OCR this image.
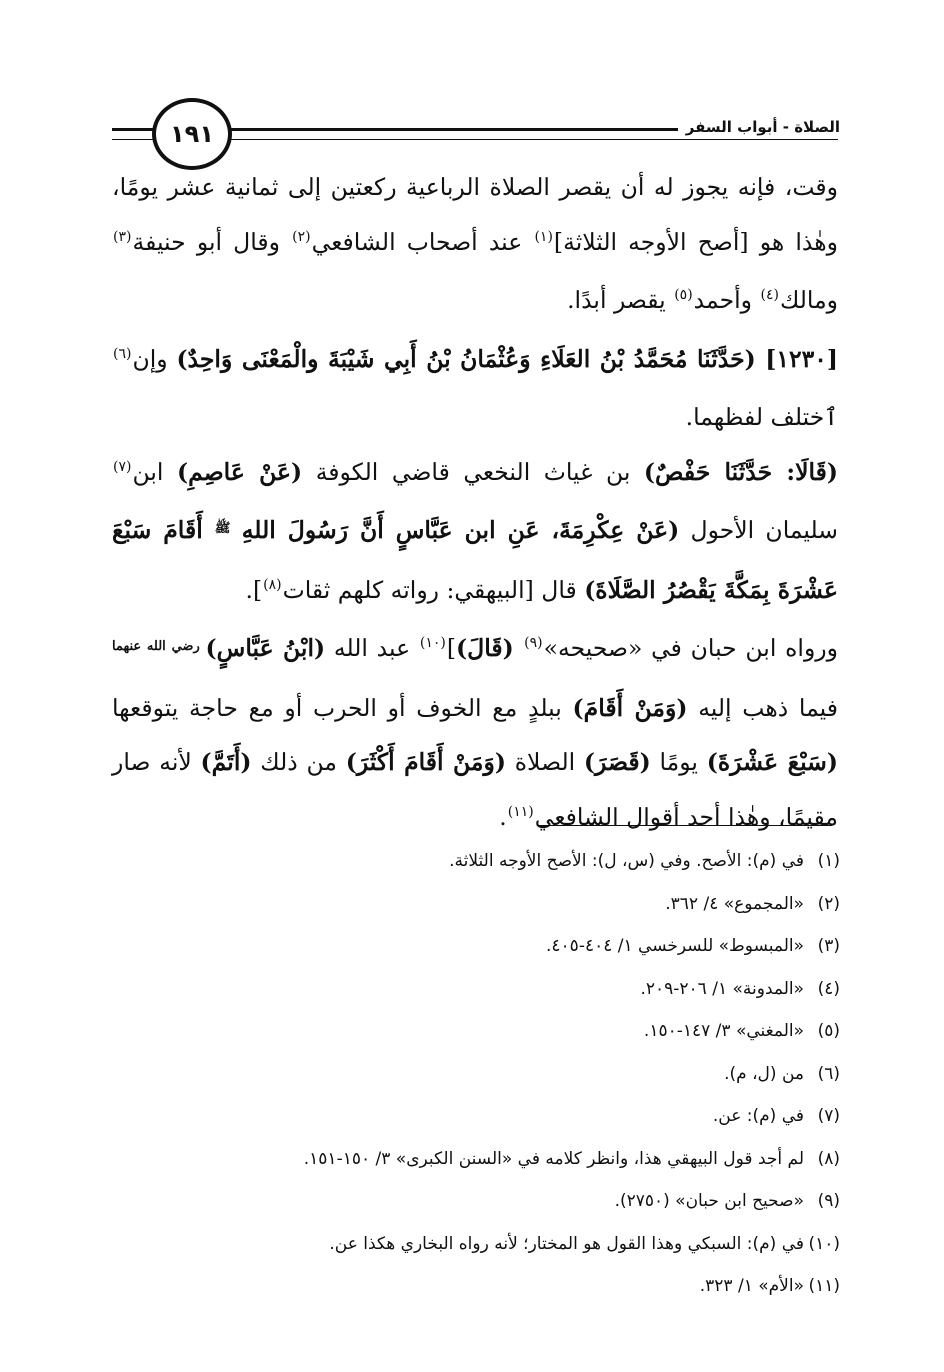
١٩١	الصلاة - أبواب السفر

وقت، فإنه يجوز له أن يقصر الصلاة الرباعية ركعتين إلى ثمانية عشر يومًا، وهٰذا هو [أصح الأوجه الثلاثة]$^{(١)}$ عند أصحاب الشافعي$^{(٢)}$ وقال أبو حنيفة$^{(٣)}$ ومالك$^{(٤)}$ وأحمد$^{(٥)}$ يقصر أبدًا.

[١٢٣٠] (حَدَّثَنَا مُحَمَّدُ بْنُ العَلَاءِ وَعُثْمَانُ بْنُ أَبِي شَيْبَةَ والْمَعْنَى وَاحِدٌ) وإن$^{(٦)}$ ٱختلف لفظهما.

(قَالَا: حَدَّثَنَا حَفْصٌ) بن غياث النخعي قاضي الكوفة (عَنْ عَاصِمِ) ابن$^{(٧)}$ سليمان الأحول (عَنْ عِكْرِمَةَ، عَنِ ابن عَبَّاسٍ أَنَّ رَسُولَ اللهِ $^ﷺ$ أَقَامَ سَبْعَ عَشْرَةَ بِمَكَّةَ يَقْصُرُ الصَّلَاةَ) قال [البيهقي: رواته كلهم ثقات$^{(٨)}$].

ورواه ابن حبان في «صحيحه»$^{(٩)}$ (قَالَ)]$^{(١٠)}$ عبد الله (ابْنُ عَبَّاسٍ) $^{رضي الله عنهما}$ فيما ذهب إليه (وَمَنْ أَقَامَ) ببلدٍ مع الخوف أو الحرب أو مع حاجة يتوقعها (سَبْعَ عَشْرَةَ) يومًا (قَصَرَ) الصلاة (وَمَنْ أَقَامَ أَكْثَرَ) من ذلك (أَتَمَّ) لأنه صار مقيمًا، وهٰذا أحد أقوال الشافعي$^{(١١)}$.

(١)في (م): الأصح. وفي (س، ل): الأصح الأوجه الثلاثة.
(٢)«المجموع» ٤/ ٣٦٢.
(٣)«المبسوط» للسرخسي ١/ ٤٠٤-٤٠٥.
(٤)«المدونة» ١/ ٢٠٦-٢٠٩.
(٥)«المغني» ٣/ ١٤٧-١٥٠.
(٦)من (ل، م).
(٧)في (م): عن.
(٨)لم أجد قول البيهقي هذا، وانظر كلامه في «السنن الكبرى» ٣/ ١٥٠-١٥١.
(٩)«صحيح ابن حبان» (٢٧٥٠).
(١٠)في (م): السبكي وهذا القول هو المختار؛ لأنه رواه البخاري هكذا عن.
(١١)«الأم» ١/ ٣٢٣.
